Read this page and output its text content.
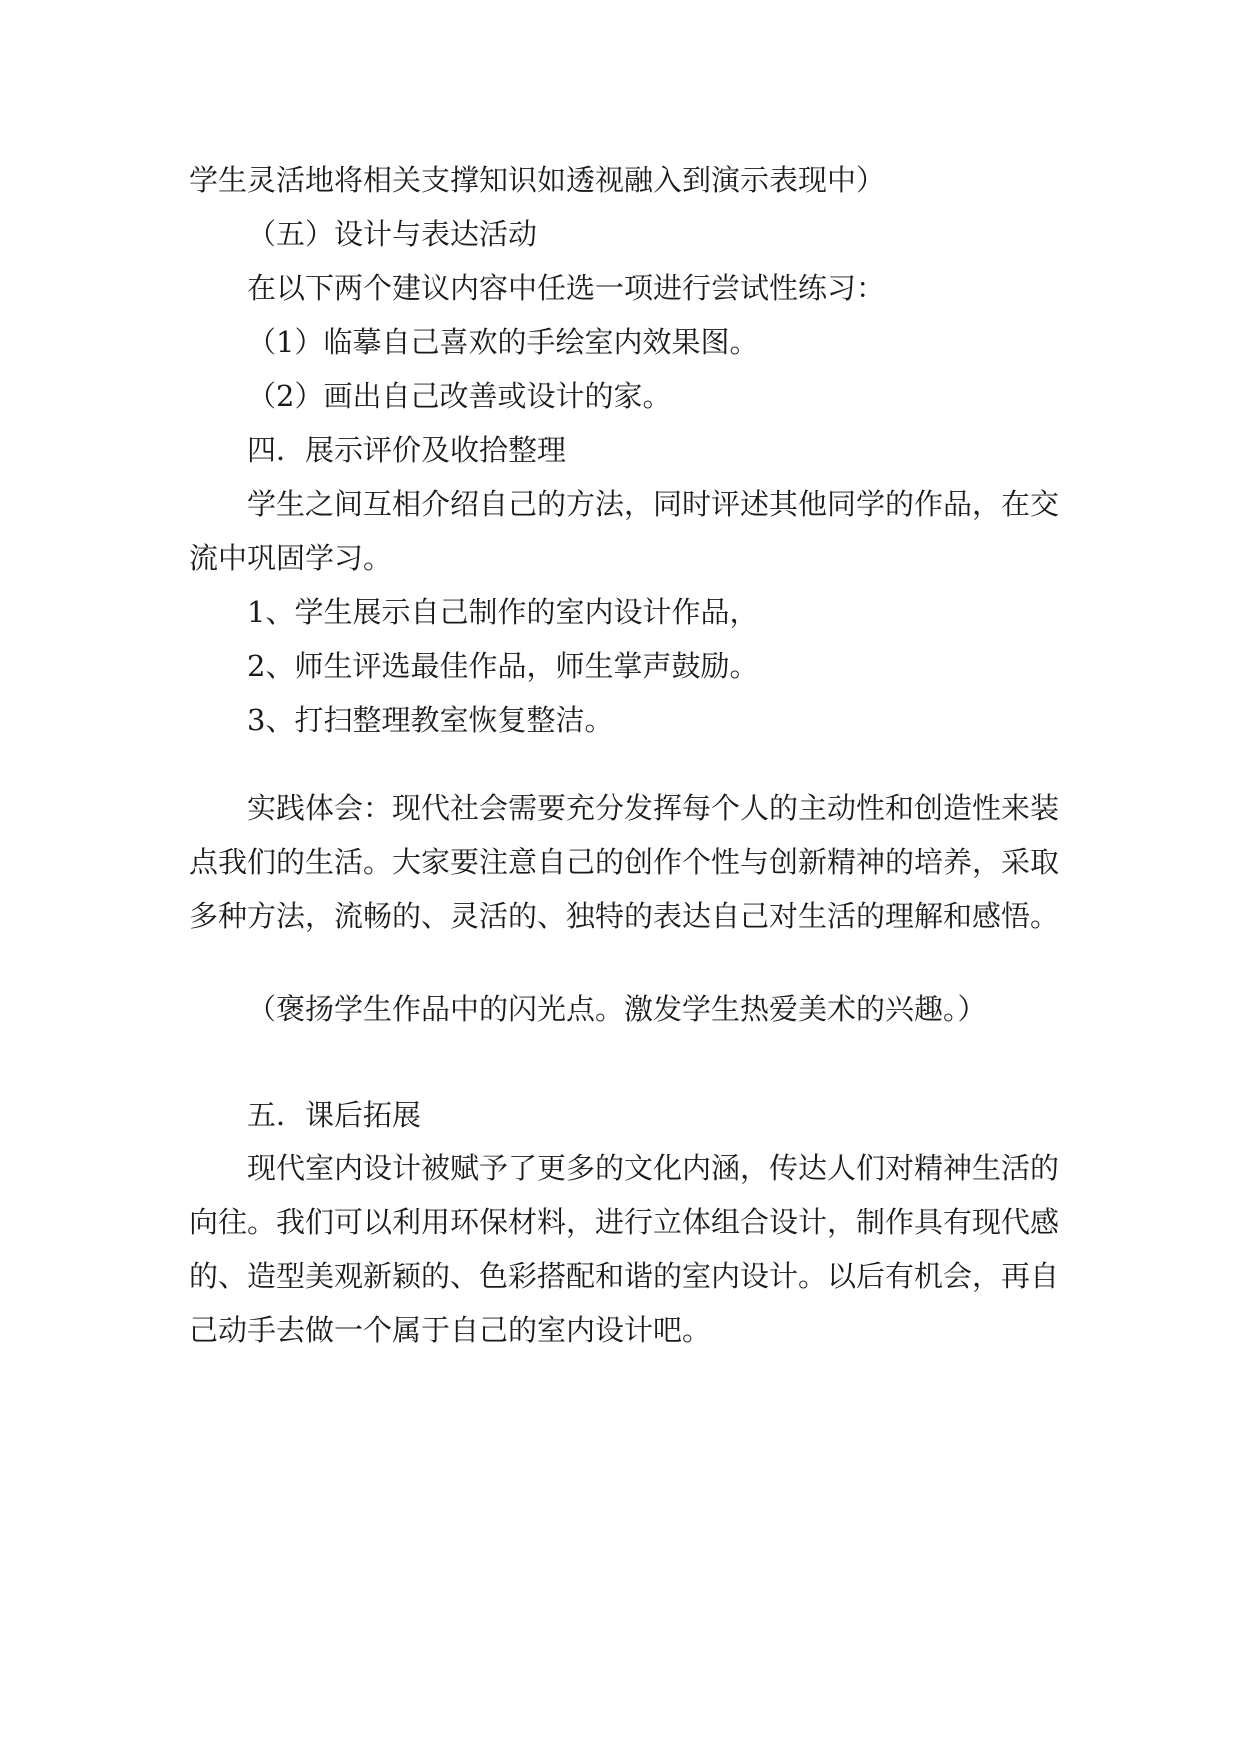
学生灵活地将相关支撑知识如透视融入到演示表现中）
（五）设计与表达活动
在以下两个建议内容中任选一项进行尝试性练习：
（1）临摹自己喜欢的手绘室内效果图。
（2）画出自己改善或设计的家。
四．展示评价及收拾整理
学生之间互相介绍自己的方法，同时评述其他同学的作品，在交流中巩固学习。
1、学生展示自己制作的室内设计作品，
2、师生评选最佳作品，师生掌声鼓励。
3、打扫整理教室恢复整洁。
实践体会：现代社会需要充分发挥每个人的主动性和创造性来装点我们的生活。大家要注意自己的创作个性与创新精神的培养，采取多种方法，流畅的、灵活的、独特的表达自己对生活的理解和感悟。
（褒扬学生作品中的闪光点。激发学生热爱美术的兴趣。）
五．课后拓展
现代室内设计被赋予了更多的文化内涵，传达人们对精神生活的向往。我们可以利用环保材料，进行立体组合设计，制作具有现代感的、造型美观新颖的、色彩搭配和谐的室内设计。以后有机会，再自己动手去做一个属于自己的室内设计吧。
